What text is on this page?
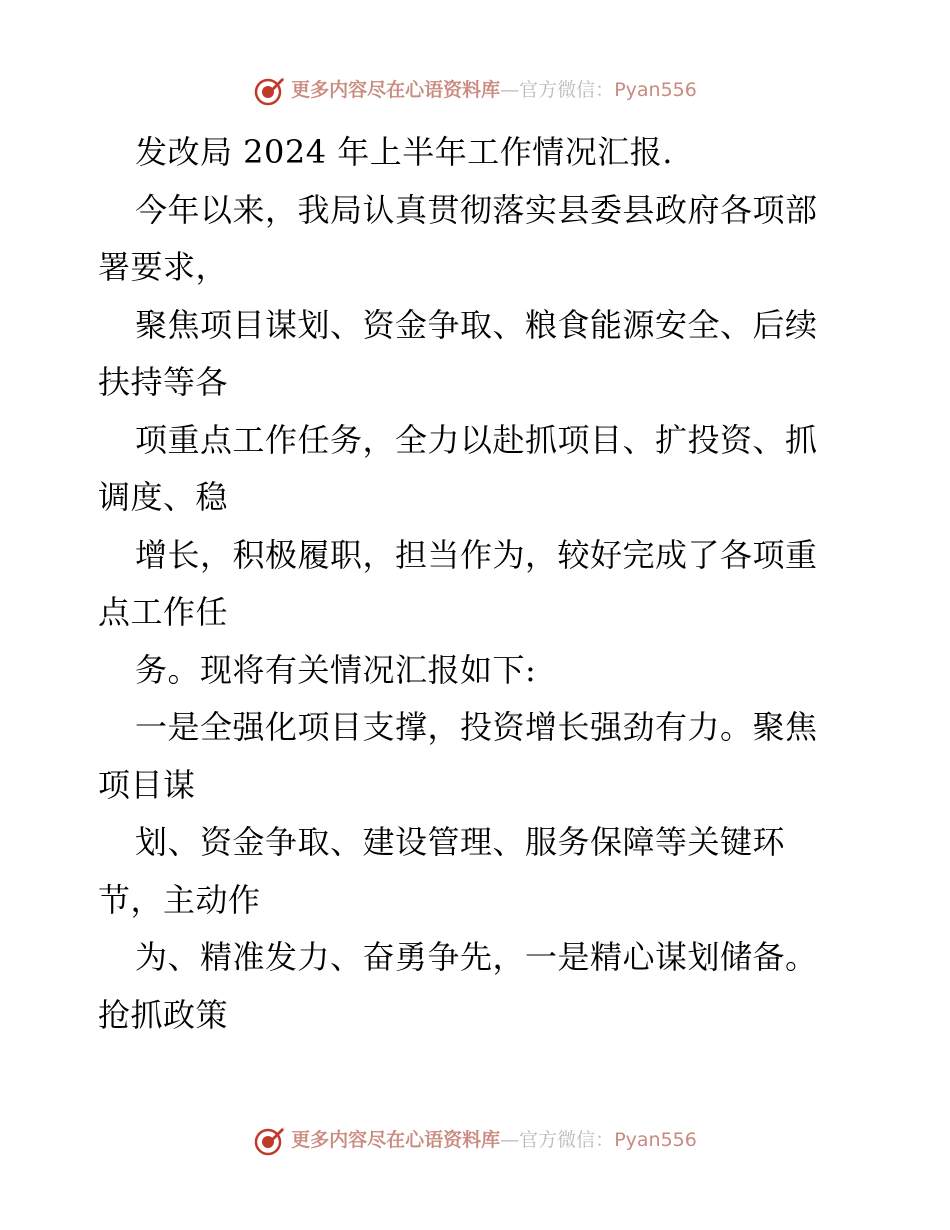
更多内容尽在心语资料库—官方微信：Pyan556
发改局 2024 年上半年工作情况汇报.
今年以来，我局认真贯彻落实县委县政府各项部
署要求，
聚焦项目谋划、资金争取、粮食能源安全、后续
扶持等各
项重点工作任务，全力以赴抓项目、扩投资、抓
调度、稳
增长，积极履职，担当作为，较好完成了各项重
点工作任
务。现将有关情况汇报如下:
一是全强化项目支撑，投资增长强劲有力。聚焦
项目谋
划、资金争取、建设管理、服务保障等关键环
节，主动作
为、精准发力、奋勇争先，一是精心谋划储备。
抢抓政策
更多内容尽在心语资料库—官方微信：Pyan556
